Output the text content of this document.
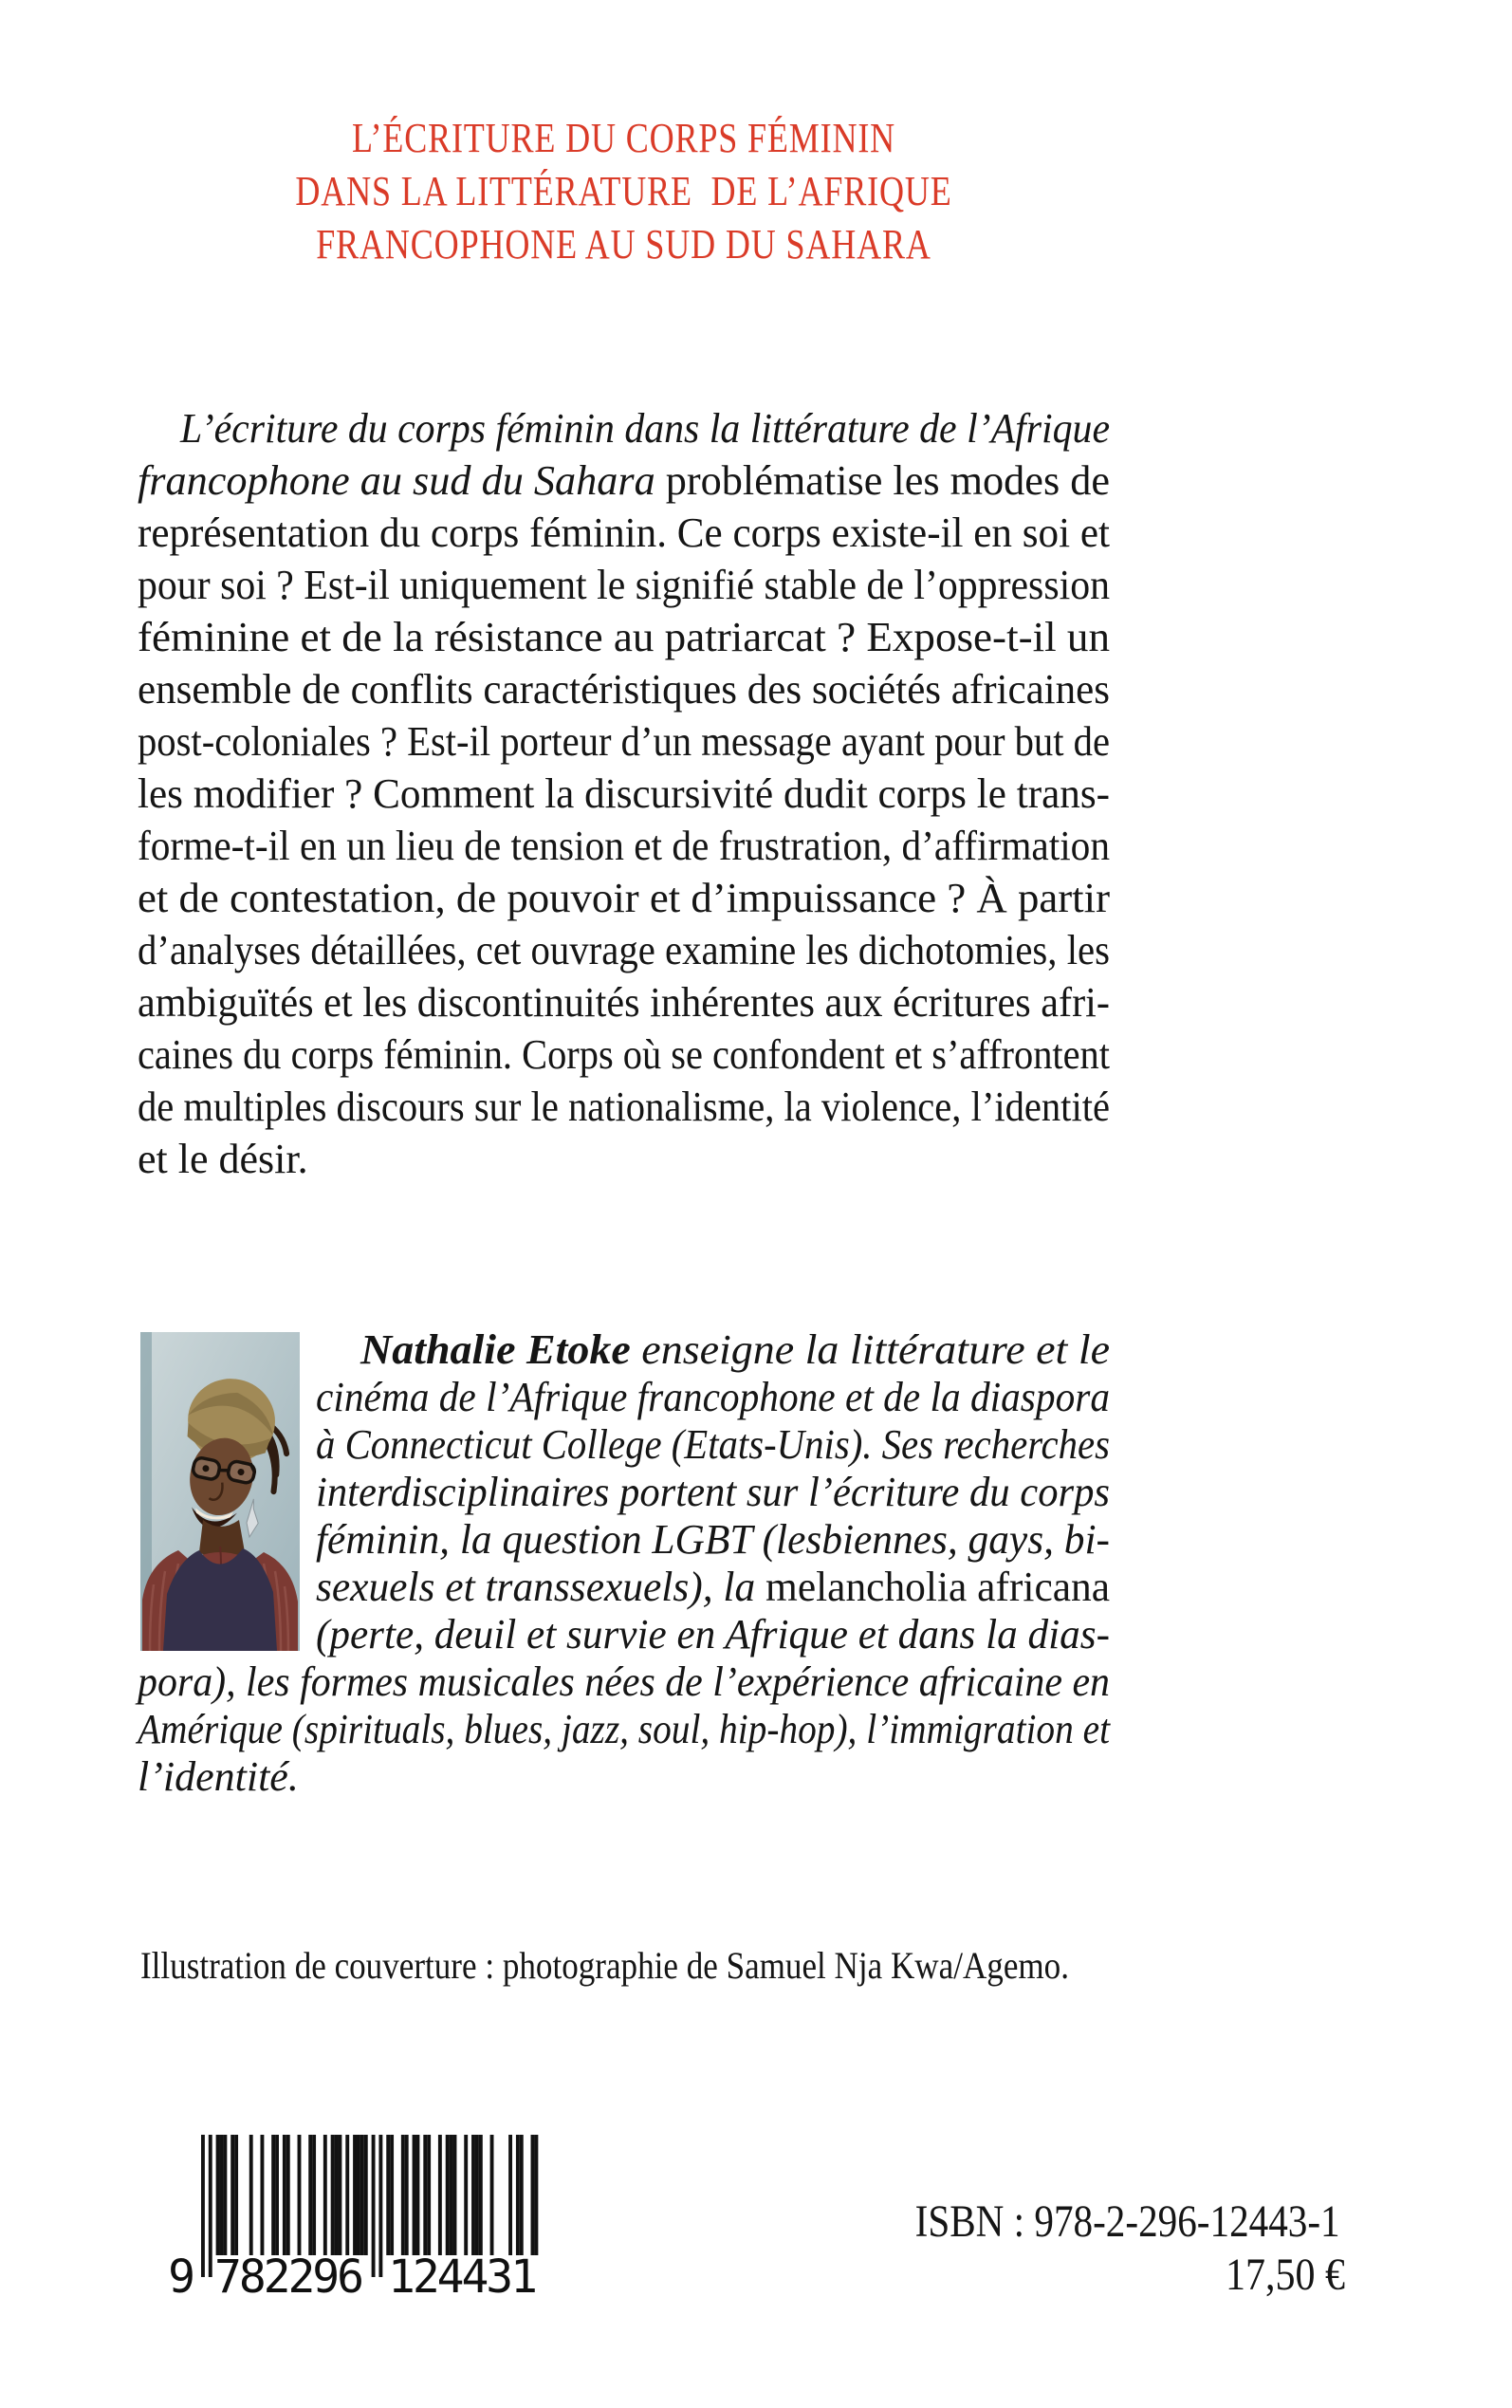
L’ÉCRITURE DU CORPS FÉMININ
DANS LA LITTÉRATURE  DE L’AFRIQUE
FRANCOPHONE AU SUD DU SAHARA
L’écriture du corps féminin dans la littérature de l’Afrique
francophone au sud du Sahara problématise les modes de
représentation du corps féminin. Ce corps existe-il en soi et
pour soi ? Est-il uniquement le signifié stable de l’oppression
féminine et de la résistance au patriarcat ? Expose-t-il un
ensemble de conflits caractéristiques des sociétés africaines
post-coloniales ? Est-il porteur d’un message ayant pour but de
les modifier ? Comment la discursivité dudit corps le trans-
forme-t-il en un lieu de tension et de frustration, d’affirmation
et de contestation, de pouvoir et d’impuissance ? À partir
d’analyses détaillées, cet ouvrage examine les dichotomies, les
ambiguïtés et les discontinuités inhérentes aux écritures afri-
caines du corps féminin. Corps où se confondent et s’affrontent
de multiples discours sur le nationalisme, la violence, l’identité
et le désir.
Nathalie Etoke enseigne la littérature et le
cinéma de l’Afrique francophone et de la diaspora
à Connecticut College (Etats-Unis). Ses recherches
interdisciplinaires portent sur l’écriture du corps
féminin, la question LGBT (lesbiennes, gays, bi-
sexuels et transsexuels), la melancholia africana
(perte, deuil et survie en Afrique et dans la dias-
pora), les formes musicales nées de l’expérience africaine en
Amérique (spirituals, blues, jazz, soul, hip-hop), l’immigration et
l’identité.
Illustration de couverture : photographie de Samuel Nja Kwa/Agemo.
9 782296 124431
ISBN : 978-2-296-12443-1
17,50 €
